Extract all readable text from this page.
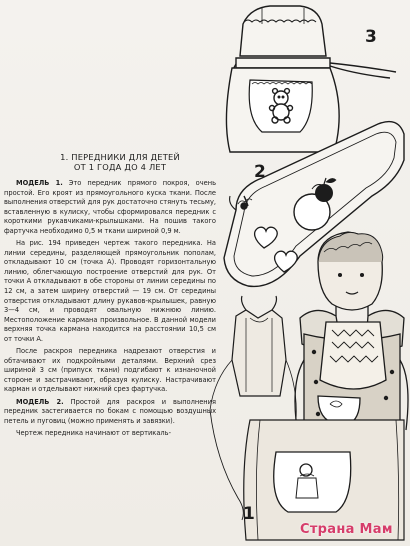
3
2
1
1. ПЕРЕДНИКИ ДЛЯ ДЕТЕЙ
ОТ 1 ГОДА ДО 4 ЛЕТ

МОДЕЛЬ 1. Это передник прямого покроя, очень простой. Его кроят из прямоугольного куска ткани. После выполнения отверстий для рук достаточно стянуть тесьму, вставленную в кулиску, чтобы сформировался передник с короткими рукавчиками-крылышками. На пошив такого фартучка необходимо 0,5 м ткани шириной 0,9 м.

На рис. 194 приведен чертеж такого передника. На линии середины, разделяющей прямоугольник пополам, откладывают 10 см (точка А). Проводят горизонтальную линию, облегчающую построение отверстий для рук. От точки А откладывают в обе стороны от линии середины по 12 см, а затем ширину отверстий — 19 см. От середины отверстия откладывают длину рукавов-крылышек, равную 3—4 см, и проводят овальную нижнюю линию. Местоположение кармана произвольное. В данной модели верхняя точка кармана находится на расстоянии 10,5 см от точки А.

После раскроя передника надрезают отверстия и обтачивают их подкройными деталями. Верхний срез шириной 3 см (припуск ткани) подгибают к изнаночной стороне и застрачивают, образуя кулиску. Настрачивают карман и отделывают нижний срез фартучка.

МОДЕЛЬ 2. Простой для раскроя и выполнения передник застегивается по бокам с помощью воздушных петель и пуговиц (можно применять и завязки).

Чертеж передника начинают от вертикаль-

Страна Мам
